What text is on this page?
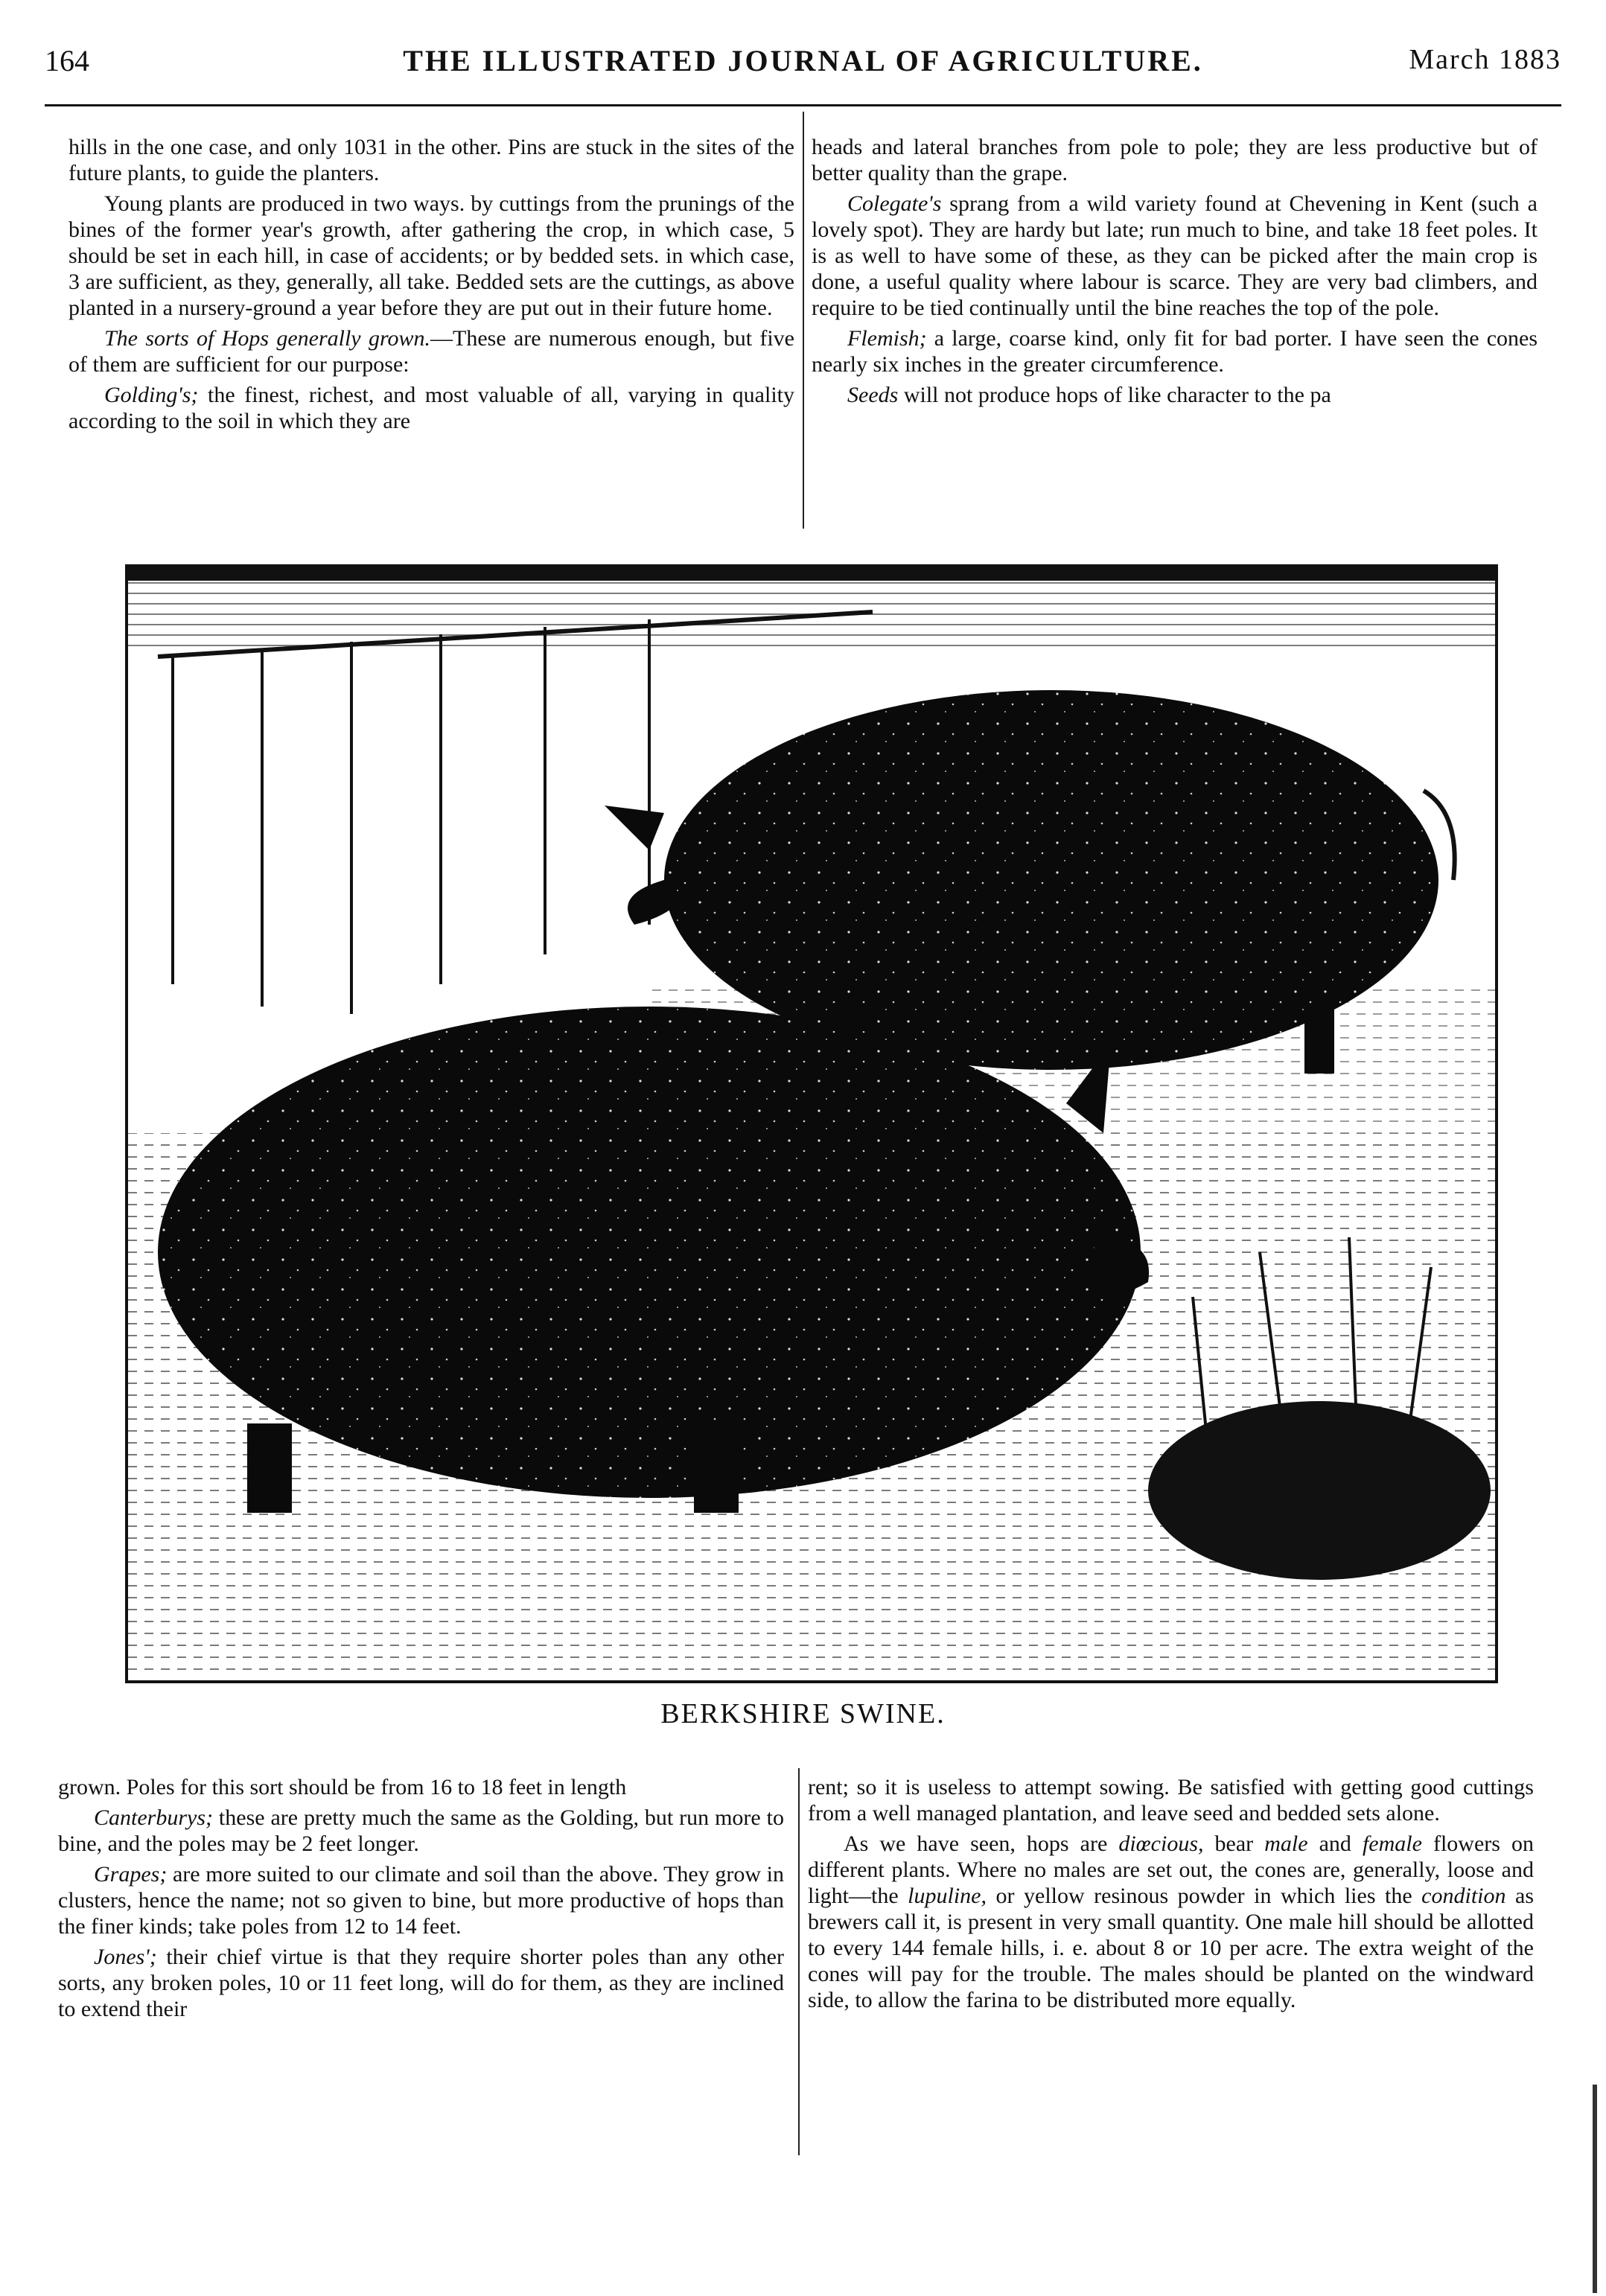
164	THE ILLUSTRATED JOURNAL OF AGRICULTURE.	March 1883

hills in the one case, and only 1031 in the other. Pins are stuck in the sites of the future plants, to guide the planters.

Young plants are produced in two ways. by cuttings from the prunings of the bines of the former year's growth, after gathering the crop, in which case, 5 should be set in each hill, in case of accidents; or by bedded sets. in which case, 3 are sufficient, as they, generally, all take. Bedded sets are the cuttings, as above planted in a nursery-ground a year before they are put out in their future home.

The sorts of Hops generally grown.—These are numerous enough, but five of them are sufficient for our purpose:

Golding's; the finest, richest, and most valuable of all, varying in quality according to the soil in which they are

heads and lateral branches from pole to pole; they are less productive but of better quality than the grape.

Colegate's sprang from a wild variety found at Chevening in Kent (such a lovely spot). They are hardy but late; run much to bine, and take 18 feet poles. It is as well to have some of these, as they can be picked after the main crop is done, a useful quality where labour is scarce. They are very bad climbers, and require to be tied continually until the bine reaches the top of the pole.

Flemish; a large, coarse kind, only fit for bad porter. I have seen the cones nearly six inches in the greater circumference.

Seeds will not produce hops of like character to the pa

BERKSHIRE SWINE.

grown. Poles for this sort should be from 16 to 18 feet in length

Canterburys; these are pretty much the same as the Golding, but run more to bine, and the poles may be 2 feet longer.

Grapes; are more suited to our climate and soil than the above. They grow in clusters, hence the name; not so given to bine, but more productive of hops than the finer kinds; take poles from 12 to 14 feet.

Jones'; their chief virtue is that they require shorter poles than any other sorts, any broken poles, 10 or 11 feet long, will do for them, as they are inclined to extend their

rent; so it is useless to attempt sowing. Be satisfied with getting good cuttings from a well managed plantation, and leave seed and bedded sets alone.

As we have seen, hops are diœcious, bear male and female flowers on different plants. Where no males are set out, the cones are, generally, loose and light—the lupuline, or yellow resinous powder in which lies the condition as brewers call it, is present in very small quantity. One male hill should be allotted to every 144 female hills, i. e. about 8 or 10 per acre. The extra weight of the cones will pay for the trouble. The males should be planted on the windward side, to allow the farina to be distributed more equally.
